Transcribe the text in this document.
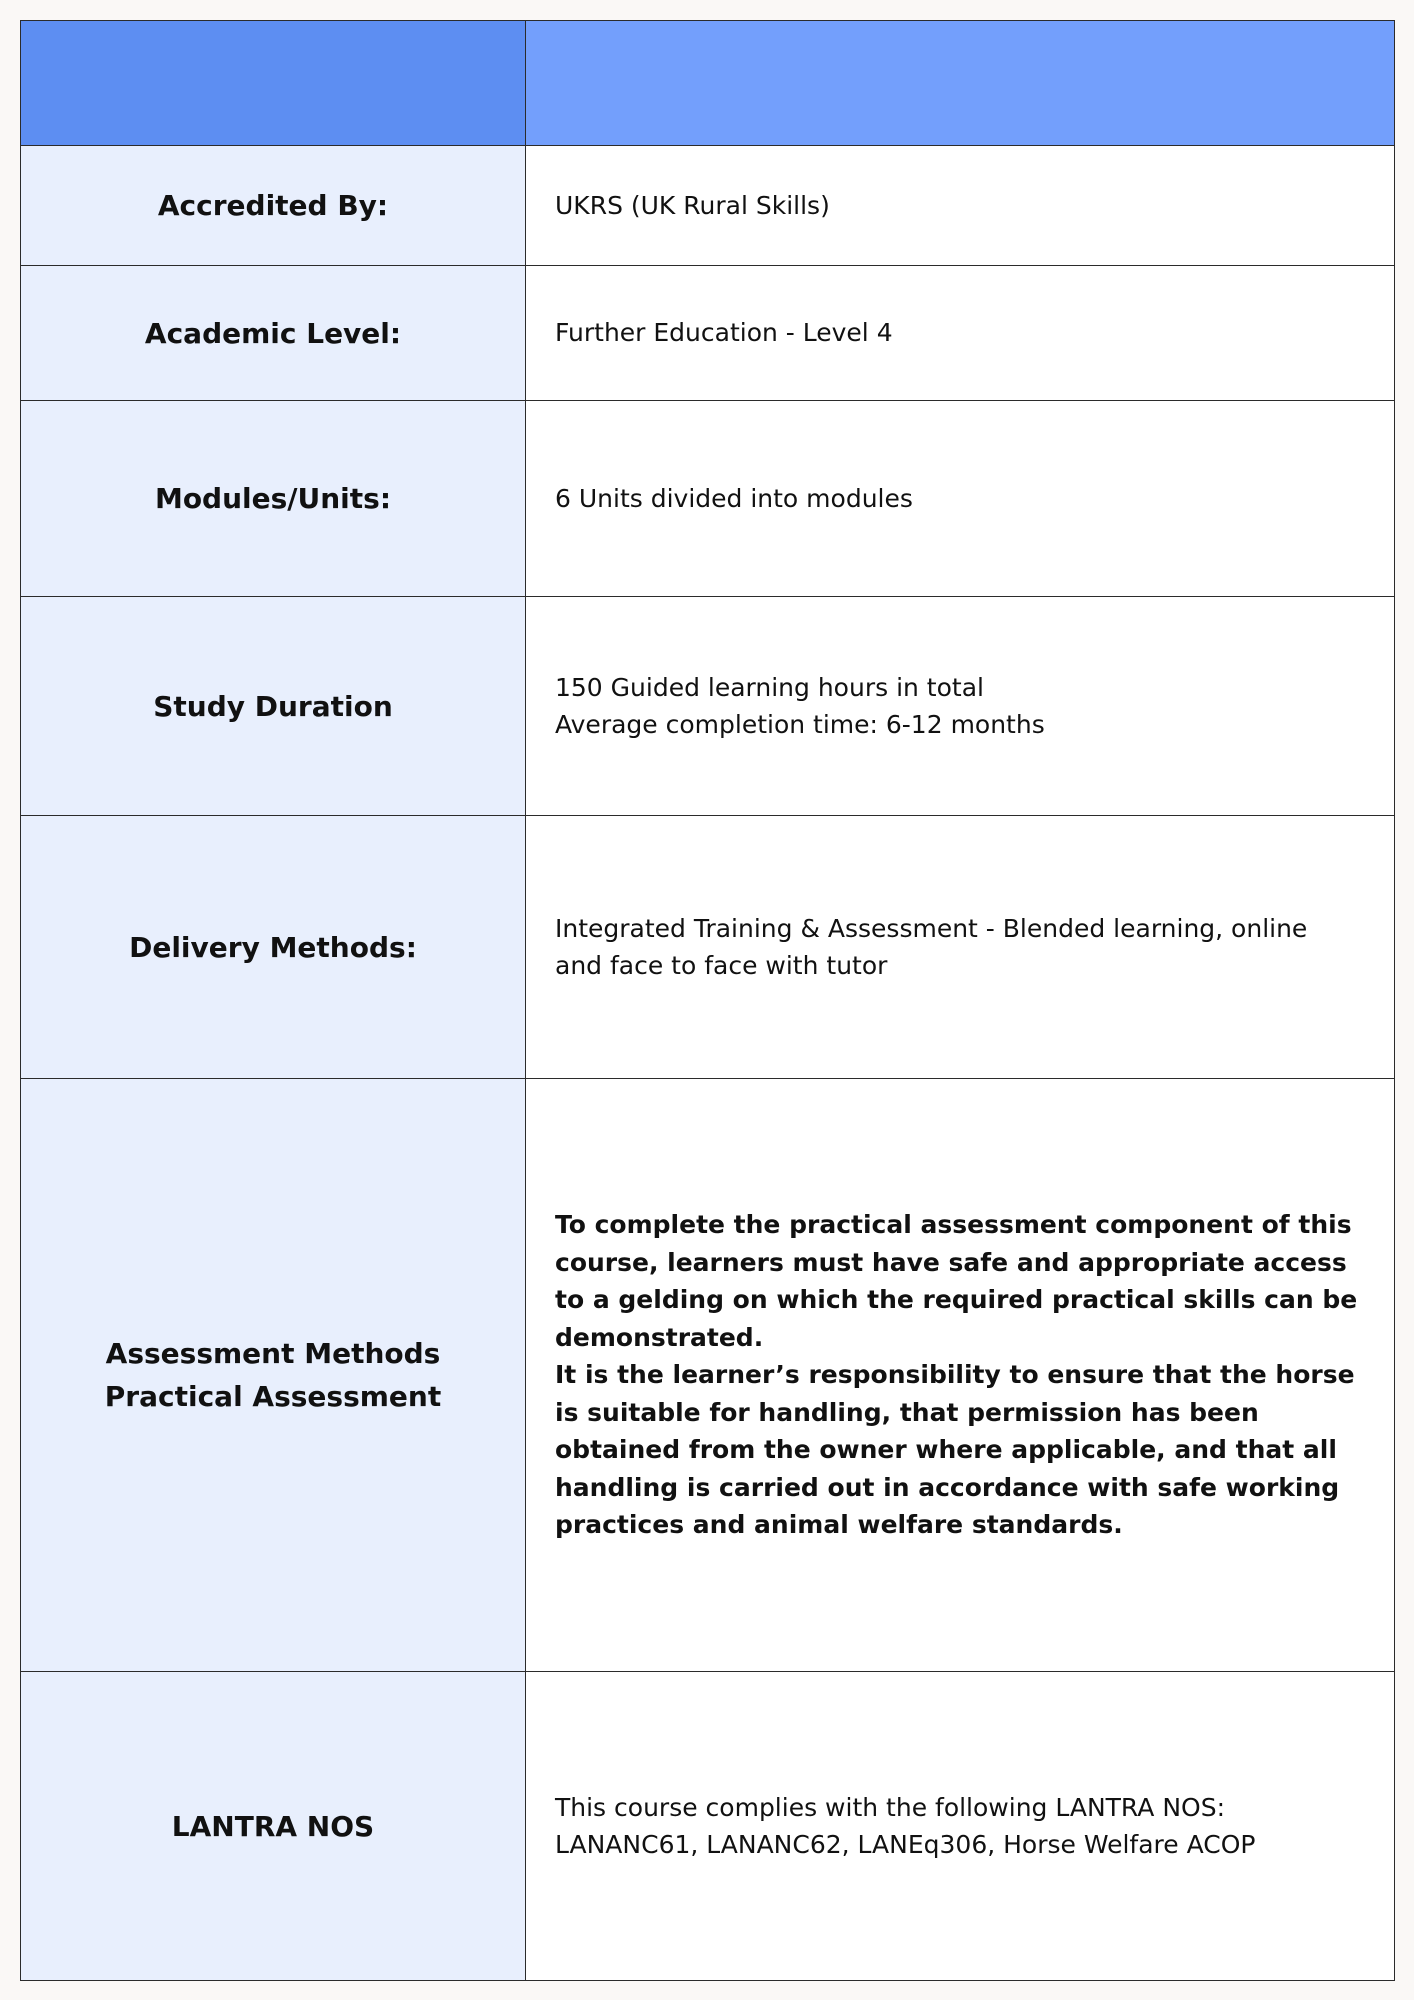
Accredited By:	UKRS (UK Rural Skills)
Academic Level:	Further Education - Level 4
Modules/Units:	6 Units divided into modules
Study Duration	150 Guided learning hours in total
Average completion time: 6-12 months

Delivery Methods:	Integrated Training & Assessment - Blended learning, online
and face to face with tutor

Assessment Methods
Practical Assessment	To complete the practical assessment component of this course, learners must have safe and appropriate access to a gelding on which the required practical skills can be demonstrated.
It is the learner’s responsibility to ensure that the horse is suitable for handling, that permission has been obtained from the owner where applicable, and that all handling is carried out in accordance with safe working practices and animal welfare standards.

LANTRA NOS	This course complies with the following LANTRA NOS:
LANANC61, LANANC62, LANEq306, Horse Welfare ACOP
